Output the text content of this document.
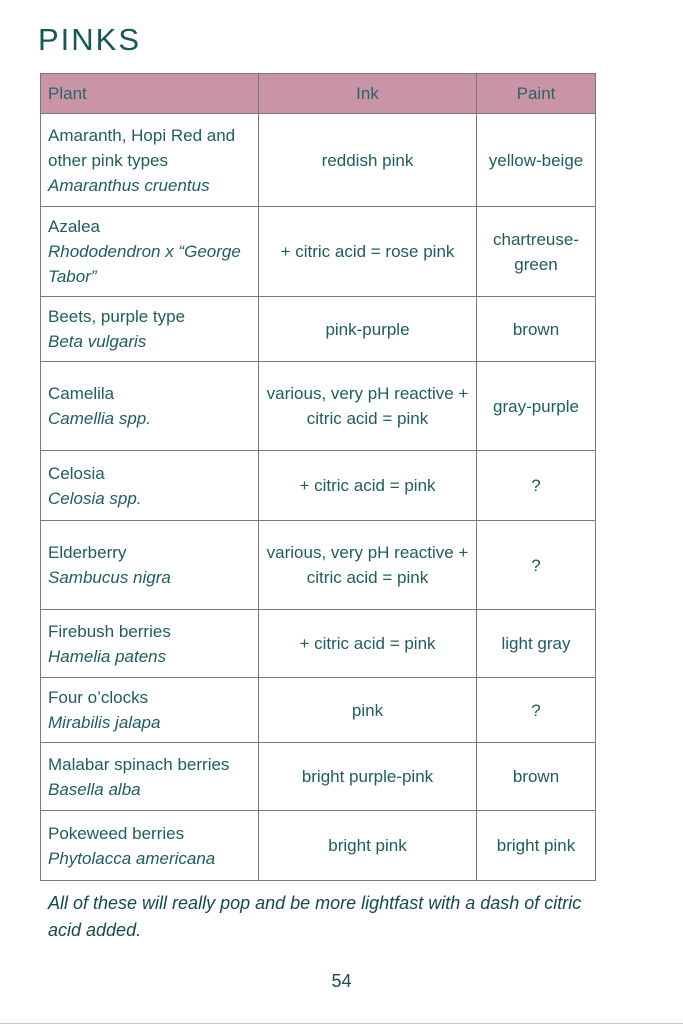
PINKS
Plant	Ink	Paint

Amaranth, Hopi Red and other pink types
Amaranthus cruentus	reddish pink	yellow-beige

Azalea
Rhododendron x “George Tabor”	+ citric acid = rose pink	chartreuse-green

Beets, purple type
Beta vulgaris	pink-purple	brown

Camelila
Camellia spp.	various, very pH reactive + citric acid = pink	gray-purple

Celosia
Celosia spp.	+ citric acid = pink	?

Elderberry
Sambucus nigra	various, very pH reactive + citric acid = pink	?

Firebush berries
Hamelia patens	+ citric acid = pink	light gray

Four o’clocks
Mirabilis jalapa	pink	?

Malabar spinach berries
Basella alba	bright purple-pink	brown

Pokeweed berries
Phytolacca americana	bright pink	bright pink

All of these will really pop and be more lightfast with a dash of citric acid added.

54
